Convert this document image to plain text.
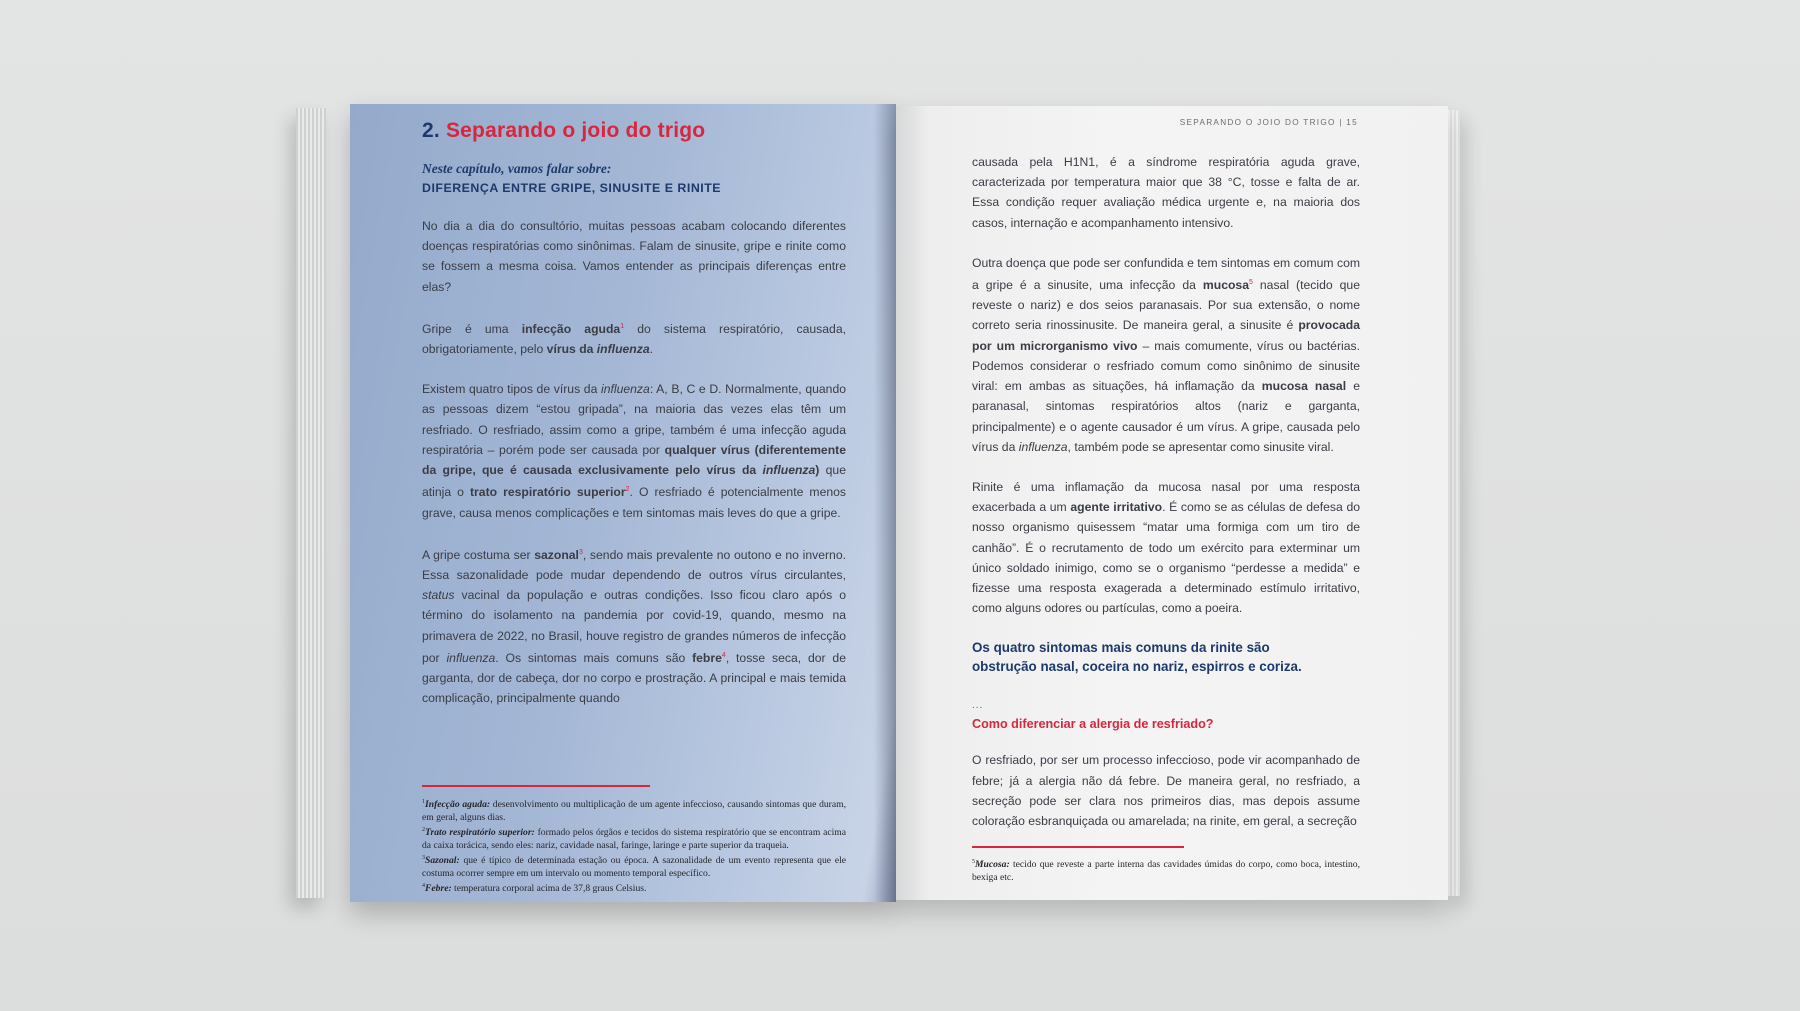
2. Separando o joio do trigo
Neste capítulo, vamos falar sobre:
DIFERENÇA ENTRE GRIPE, SINUSITE E RINITE

No dia a dia do consultório, muitas pessoas acabam colocando diferentes doenças respiratórias como sinônimas. Falam de sinusite, gripe e rinite como se fossem a mesma coisa. Vamos entender as principais diferenças entre elas?

Gripe é uma infecção aguda$^1$ do sistema respiratório, causada, obrigatoriamente, pelo vírus da influenza.

Existem quatro tipos de vírus da influenza: A, B, C e D. Normalmente, quando as pessoas dizem “estou gripada”, na maioria das vezes elas têm um resfriado. O resfriado, assim como a gripe, também é uma infecção aguda respiratória – porém pode ser causada por qualquer vírus (diferentemente da gripe, que é causada exclusivamente pelo vírus da influenza) que atinja o trato respiratório superior$^2$. O resfriado é potencialmente menos grave, causa menos complicações e tem sintomas mais leves do que a gripe.

A gripe costuma ser sazonal$^3$, sendo mais prevalente no outono e no inverno. Essa sazonalidade pode mudar dependendo de outros vírus circulantes, status vacinal da população e outras condições. Isso ficou claro após o término do isolamento na pandemia por covid-19, quando, mesmo na primavera de 2022, no Brasil, houve registro de grandes números de infecção por influenza. Os sintomas mais comuns são febre$^4$, tosse seca, dor de garganta, dor de cabeça, dor no corpo e prostração. A principal e mais temida complicação, principalmente quando

$^1$Infecção aguda: desenvolvimento ou multiplicação de um agente infeccioso, causando sintomas que duram, em geral, alguns dias.

$^2$Trato respiratório superior: formado pelos órgãos e tecidos do sistema respiratório que se encontram acima da caixa torácica, sendo eles: nariz, cavidade nasal, faringe, laringe e parte superior da traqueia.

$^3$Sazonal: que é típico de determinada estação ou época. A sazonalidade de um evento representa que ele costuma ocorrer sempre em um intervalo ou momento temporal específico.

$^4$Febre: temperatura corporal acima de 37,8 graus Celsius.

SEPARANDO O JOIO DO TRIGO | 15

causada pela H1N1, é a síndrome respiratória aguda grave, caracterizada por temperatura maior que 38 °C, tosse e falta de ar. Essa condição requer avaliação médica urgente e, na maioria dos casos, internação e acompanhamento intensivo.

Outra doença que pode ser confundida e tem sintomas em comum com a gripe é a sinusite, uma infecção da mucosa$^5$ nasal (tecido que reveste o nariz) e dos seios paranasais. Por sua extensão, o nome correto seria rinossinusite. De maneira geral, a sinusite é provocada por um microrganismo vivo – mais comumente, vírus ou bactérias. Podemos considerar o resfriado comum como sinônimo de sinusite viral: em ambas as situações, há inflamação da mucosa nasal e paranasal, sintomas respiratórios altos (nariz e garganta, principalmente) e o agente causador é um vírus. A gripe, causada pelo vírus da influenza, também pode se apresentar como sinusite viral.

Rinite é uma inflamação da mucosa nasal por uma resposta exacerbada a um agente irritativo. É como se as células de defesa do nosso organismo quisessem “matar uma formiga com um tiro de canhão”. É o recrutamento de todo um exército para exterminar um único soldado inimigo, como se o organismo “perdesse a medida” e fizesse uma resposta exagerada a determinado estímulo irritativo, como alguns odores ou partículas, como a poeira.

Os quatro sintomas mais comuns da rinite são
obstrução nasal, coceira no nariz, espirros e coriza.
...
Como diferenciar a alergia de resfriado?

O resfriado, por ser um processo infeccioso, pode vir acompanhado de febre; já a alergia não dá febre. De maneira geral, no resfriado, a secreção pode ser clara nos primeiros dias, mas depois assume coloração esbranquiçada ou amarelada; na rinite, em geral, a secreção

$^5$Mucosa: tecido que reveste a parte interna das cavidades úmidas do corpo, como boca, intestino, bexiga etc.
